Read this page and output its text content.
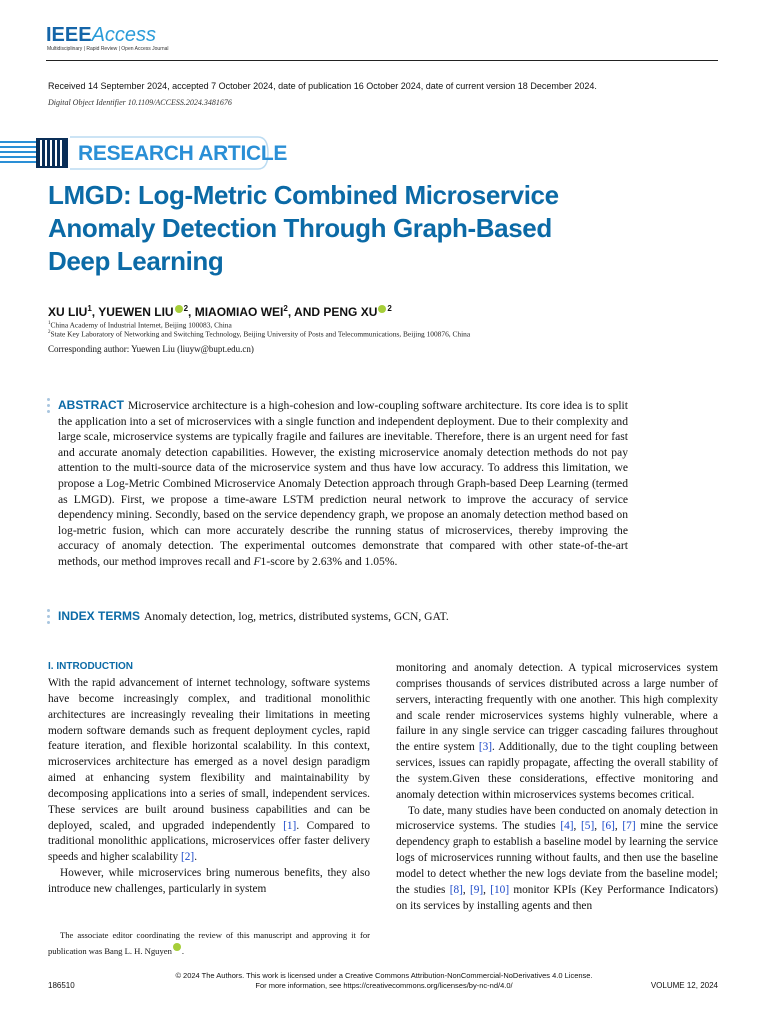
IEEEAccess
Multidisciplinary | Rapid Review | Open Access Journal
Received 14 September 2024, accepted 7 October 2024, date of publication 16 October 2024, date of current version 18 December 2024.
Digital Object Identifier 10.1109/ACCESS.2024.3481676
RESEARCH ARTICLE
LMGD: Log-Metric Combined Microservice Anomaly Detection Through Graph-Based Deep Learning
XU LIU$^1$, YUEWEN LIU $^2$, MIAOMIAO WEI$^2$, AND PENG XU $^2$
$^1$China Academy of Industrial Internet, Beijing 100083, China
$^2$State Key Laboratory of Networking and Switching Technology, Beijing University of Posts and Telecommunications, Beijing 100876, China
Corresponding author: Yuewen Liu (liuyw@bupt.edu.cn)
ABSTRACT Microservice architecture is a high-cohesion and low-coupling software architecture. Its core idea is to split the application into a set of microservices with a single function and independent deployment. Due to their complexity and large scale, microservice systems are typically fragile and failures are inevitable. Therefore, there is an urgent need for fast and accurate anomaly detection capabilities. However, the existing microservice anomaly detection methods do not pay attention to the multi-source data of the microservice system and thus have low accuracy. To address this limitation, we propose a Log-Metric Combined Microservice Anomaly Detection approach through Graph-based Deep Learning (termed as LMGD). First, we propose a time-aware LSTM prediction neural network to improve the accuracy of service dependency mining. Secondly, based on the service dependency graph, we propose an anomaly detection method based on log-metric fusion, which can more accurately describe the running status of microservices, thereby improving the accuracy of anomaly detection. The experimental outcomes demonstrate that compared with other state-of-the-art methods, our method improves recall and F1-score by 2.63% and 1.05%.
INDEX TERMS Anomaly detection, log, metrics, distributed systems, GCN, GAT.
I. INTRODUCTION

With the rapid advancement of internet technology, software systems have become increasingly complex, and traditional monolithic architectures are increasingly revealing their limitations in meeting modern software demands such as frequent deployment cycles, rapid feature iteration, and flexible horizontal scalability. In this context, microservices architecture has emerged as a novel design paradigm aimed at enhancing system flexibility and maintainability by decomposing applications into a series of small, independent services. These services are built around business capabilities and can be deployed, scaled, and upgraded independently [1]. Compared to traditional monolithic applications, microservices offer faster delivery speeds and higher scalability [2].

However, while microservices bring numerous benefits, they also introduce new challenges, particularly in system

monitoring and anomaly detection. A typical microservices system comprises thousands of services distributed across a large number of servers, interacting frequently with one another. This high complexity and scale render microservices systems highly vulnerable, where a failure in any single service can trigger cascading failures throughout the entire system [3]. Additionally, due to the tight coupling between services, issues can rapidly propagate, affecting the overall stability of the system.Given these considerations, effective monitoring and anomaly detection within microservices systems becomes critical.

To date, many studies have been conducted on anomaly detection in microservice systems. The studies [4], [5], [6], [7] mine the service dependency graph to establish a baseline model by learning the service logs of microservices running without faults, and then use the baseline model to detect whether the new logs deviate from the baseline model; the studies [8], [9], [10] monitor KPIs (Key Performance Indicators) on its services by installing agents and then

The associate editor coordinating the review of this manuscript and approving it for publication was Bang L. H. Nguyen .
© 2024 The Authors. This work is licensed under a Creative Commons Attribution-NonCommercial-NoDerivatives 4.0 License.
For more information, see https://creativecommons.org/licenses/by-nc-nd/4.0/
186510	VOLUME 12, 2024
